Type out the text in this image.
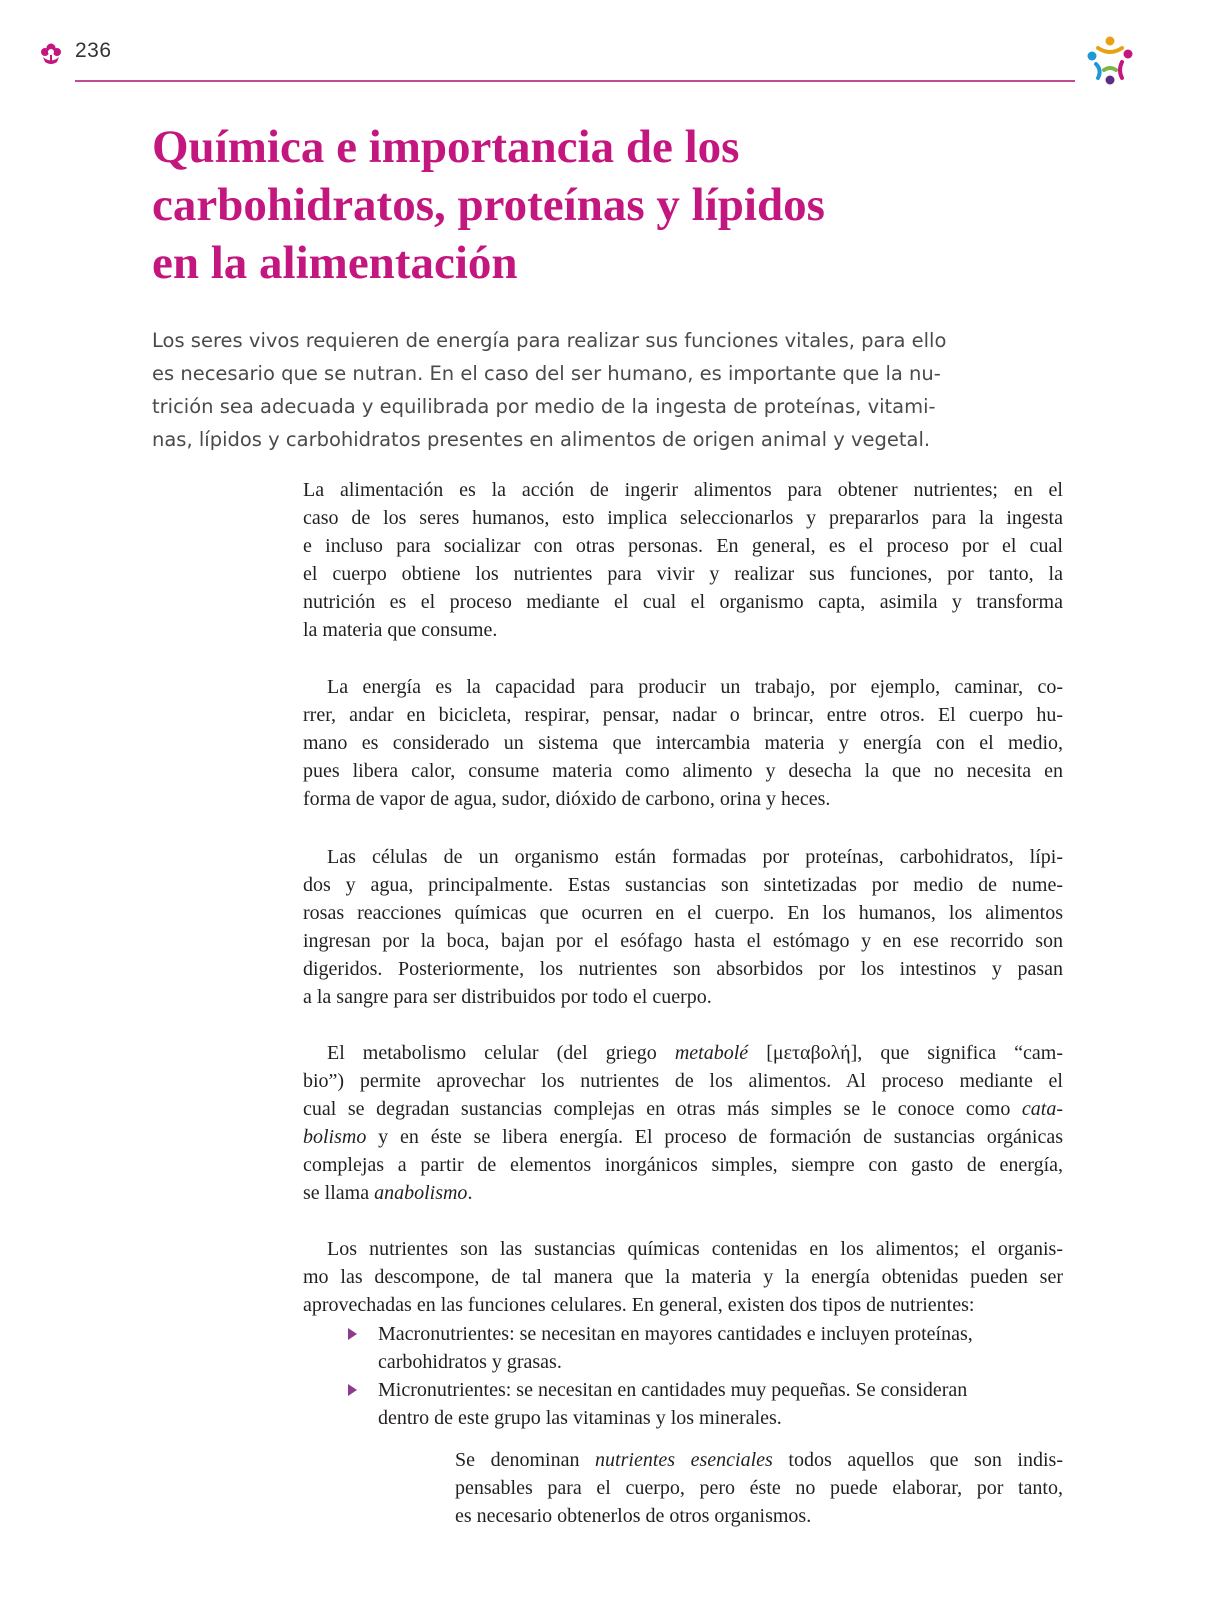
236
Química e importancia de los
carbohidratos, proteínas y lípidos
en la alimentación

Los seres vivos requieren de energía para realizar sus funciones vitales, para ello
es necesario que se nutran. En el caso del ser humano, es importante que la nu-
trición sea adecuada y equilibrada por medio de la ingesta de proteínas, vitami-
nas, lípidos y carbohidratos presentes en alimentos de origen animal y vegetal.

La alimentación es la acción de ingerir alimentos para obtener nutrientes; en el
caso de los seres humanos, esto implica seleccionarlos y prepararlos para la ingesta
e incluso para socializar con otras personas. En general, es el proceso por el cual
el cuerpo obtiene los nutrientes para vivir y realizar sus funciones, por tanto, la
nutrición es el proceso mediante el cual el organismo capta, asimila y transforma
la materia que consume.
La energía es la capacidad para producir un trabajo, por ejemplo, caminar, co-
rrer, andar en bicicleta, respirar, pensar, nadar o brincar, entre otros. El cuerpo hu-
mano es considerado un sistema que intercambia materia y energía con el medio,
pues libera calor, consume materia como alimento y desecha la que no necesita en
forma de vapor de agua, sudor, dióxido de carbono, orina y heces.
Las células de un organismo están formadas por proteínas, carbohidratos, lípi-
dos y agua, principalmente. Estas sustancias son sintetizadas por medio de nume-
rosas reacciones químicas que ocurren en el cuerpo. En los humanos, los alimentos
ingresan por la boca, bajan por el esófago hasta el estómago y en ese recorrido son
digeridos. Posteriormente, los nutrientes son absorbidos por los intestinos y pasan
a la sangre para ser distribuidos por todo el cuerpo.
El metabolismo celular (del griego metabolé [μεταβολή], que significa “cam-
bio”) permite aprovechar los nutrientes de los alimentos. Al proceso mediante el
cual se degradan sustancias complejas en otras más simples se le conoce como cata-
bolismo y en éste se libera energía. El proceso de formación de sustancias orgánicas
complejas a partir de elementos inorgánicos simples, siempre con gasto de energía,
se llama anabolismo.
Los nutrientes son las sustancias químicas contenidas en los alimentos; el organis-
mo las descompone, de tal manera que la materia y la energía obtenidas pueden ser
aprovechadas en las funciones celulares. En general, existen dos tipos de nutrientes:
Macronutrientes: se necesitan en mayores cantidades e incluyen proteínas,
carbohidratos y grasas.
Micronutrientes: se necesitan en cantidades muy pequeñas. Se consideran
dentro de este grupo las vitaminas y los minerales.
Se denominan nutrientes esenciales todos aquellos que son indis-
pensables para el cuerpo, pero éste no puede elaborar, por tanto,
es necesario obtenerlos de otros organismos.
